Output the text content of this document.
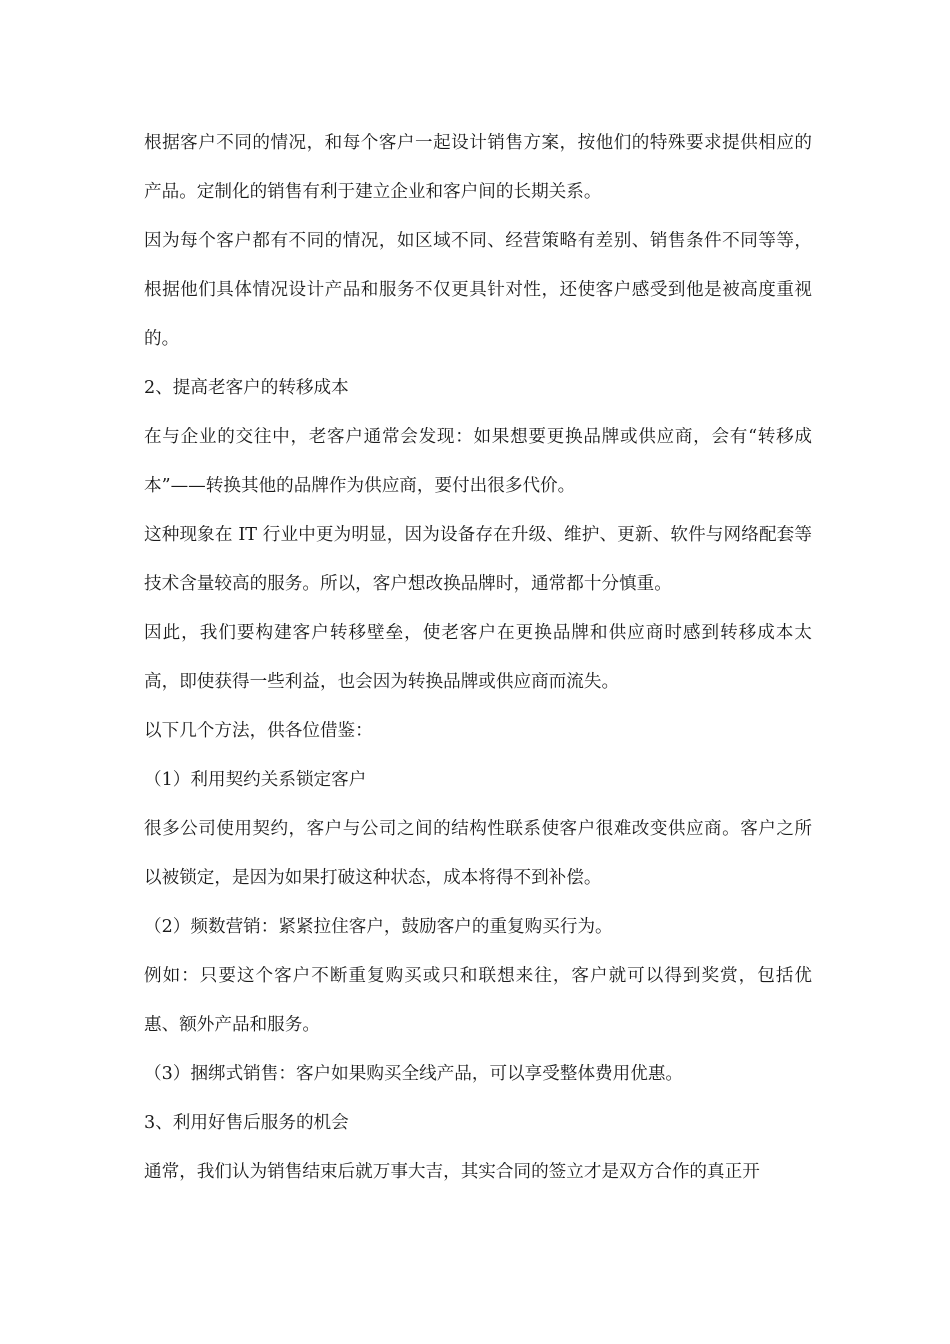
根据客户不同的情况，和每个客户一起设计销售方案，按他们的特殊要求提供相应的产品。定制化的销售有利于建立企业和客户间的长期关系。

因为每个客户都有不同的情况，如区域不同、经营策略有差别、销售条件不同等等，根据他们具体情况设计产品和服务不仅更具针对性，还使客户感受到他是被高度重视的。

2、提高老客户的转移成本

在与企业的交往中，老客户通常会发现：如果想要更换品牌或供应商，会有“转移成本”——转换其他的品牌作为供应商，要付出很多代价。

这种现象在 IT 行业中更为明显，因为设备存在升级、维护、更新、软件与网络配套等技术含量较高的服务。所以，客户想改换品牌时，通常都十分慎重。

因此，我们要构建客户转移壁垒，使老客户在更换品牌和供应商时感到转移成本太高，即使获得一些利益，也会因为转换品牌或供应商而流失。

以下几个方法，供各位借鉴：

（1）利用契约关系锁定客户

很多公司使用契约，客户与公司之间的结构性联系使客户很难改变供应商。客户之所以被锁定，是因为如果打破这种状态，成本将得不到补偿。

（2）频数营销：紧紧拉住客户，鼓励客户的重复购买行为。

例如：只要这个客户不断重复购买或只和联想来往，客户就可以得到奖赏，包括优惠、额外产品和服务。

（3）捆绑式销售：客户如果购买全线产品，可以享受整体费用优惠。

3、利用好售后服务的机会

通常，我们认为销售结束后就万事大吉，其实合同的签立才是双方合作的真正开
